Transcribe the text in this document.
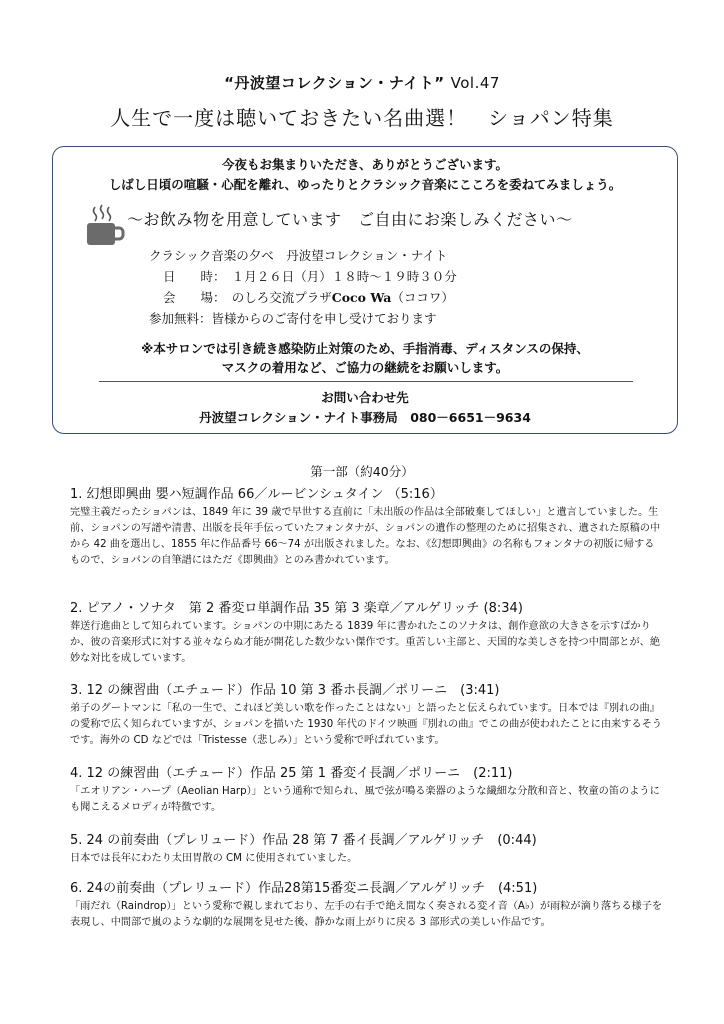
“丹波望コレクション・ナイト” Vol.47
人生で一度は聴いておきたい名曲選！　ショパン特集
今夜もお集まりいただき、ありがとうございます。
しばし日頃の喧騒・心配を離れ、ゆったりとクラシック音楽にこころを委ねてみましょう。
～お飲み物を用意しています　ご自由にお楽しみください～
クラシック音楽の夕べ　丹波望コレクション・ナイト
日　　時：　１月２６日（月）１８時～１９時３０分
会　　場：　のしろ交流プラザCoco Wa（ココワ）
参加無料：皆様からのご寄付を申し受けております
※本サロンでは引き続き感染防止対策のため、手指消毒、ディスタンスの保持、
マスクの着用など、ご協力の継続をお願いします。
お問い合わせ先
丹波望コレクション・ナイト事務局　080－6651－9634
第一部（約40分）
1. 幻想即興曲 嬰ハ短調作品 66／ルービンシュタイン （5:16）
完璧主義だったショパンは、1849 年に 39 歳で早世する直前に「未出版の作品は全部破棄してほしい」と遺言していました。生前、ショパンの写譜や清書、出版を長年手伝っていたフォンタナが、ショパンの遺作の整理のために招集され、遺された原稿の中から 42 曲を選出し、1855 年に作品番号 66～74 が出版されました。なお、《幻想即興曲》の名称もフォンタナの初版に帰するもので、ショパンの自筆譜にはただ《即興曲》とのみ書かれています。
2. ピアノ・ソナタ　第 2 番変ロ単調作品 35 第 3 楽章／アルゲリッチ (8:34)
葬送行進曲として知られています。ショパンの中期にあたる 1839 年に書かれたこのソナタは、創作意欲の大きさを示すばかりか、彼の音楽形式に対する並々ならぬ才能が開花した数少ない傑作です。重苦しい主部と、天国的な美しさを持つ中間部とが、絶妙な対比を成しています。
3. 12 の練習曲（エチュード）作品 10 第 3 番ホ長調／ポリーニ　(3:41)
弟子のグートマンに「私の一生で、これほど美しい歌を作ったことはない」と語ったと伝えられています。日本では『別れの曲』の愛称で広く知られていますが、ショパンを描いた 1930 年代のドイツ映画『別れの曲』でこの曲が使われたことに由来するそうです。海外の CD などでは「Tristesse（悲しみ）」という愛称で呼ばれています。
4. 12 の練習曲（エチュード）作品 25 第 1 番変イ長調／ポリーニ　(2:11)
「エオリアン・ハープ（Aeolian Harp）」という通称で知られ、風で弦が鳴る楽器のような繊細な分散和音と、牧童の笛のようにも聞こえるメロディが特徴です。
5. 24 の前奏曲（プレリュード）作品 28 第 7 番イ長調／アルゲリッチ　(0:44)
日本では長年にわたり太田胃散の CM に使用されていました。
6. 24の前奏曲（プレリュード）作品28第15番変ニ長調／アルゲリッチ　(4:51)
「雨だれ（Raindrop）」という愛称で親しまれており、左手の右手で絶え間なく奏される変イ音（A♭）が雨粒が滴り落ちる様子を表現し、中間部で嵐のような劇的な展開を見せた後、静かな雨上がりに戻る 3 部形式の美しい作品です。
